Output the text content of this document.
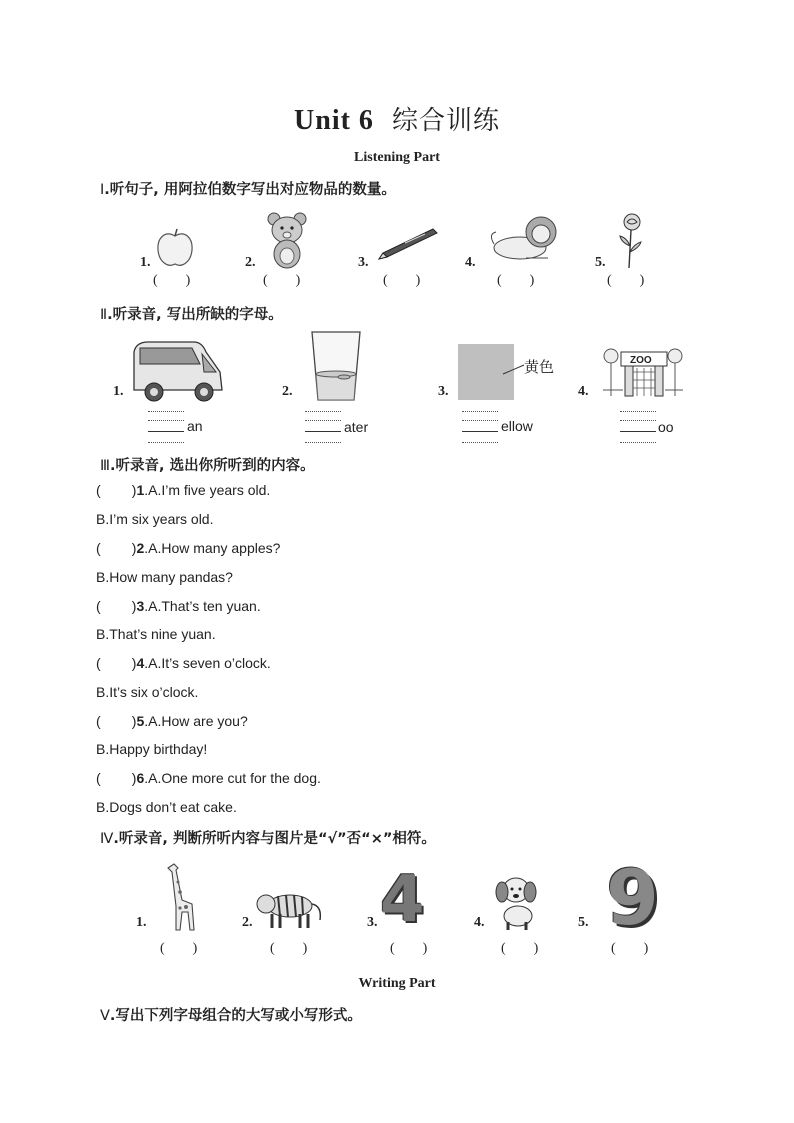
Unit 6 综合训练
Listening Part
Ⅰ.听句子, 用阿拉伯数字写出对应物品的数量。
1.	2.	3.	4.	5.
(        )	(        )	(        )	(        )	(        )
Ⅱ.听录音, 写出所缺的字母。
黄色	ZOO
1.	2.	3.	4.
an	ater	ellow	oo
Ⅲ.听录音, 选出你所听到的内容。
(        )1.A.I’m five years old.
B.I’m six years old.
(        )2.A.How many apples?
B.How many pandas?
(        )3.A.That’s ten yuan.
B.That’s nine yuan.
(        )4.A.It’s seven o’clock.
B.It’s six o’clock.
(        )5.A.How are you?
B.Happy birthday!
(        )6.A.One more cut for the dog.
B.Dogs don’t eat cake.
Ⅳ.听录音, 判断所听内容与图片是“√”否“×”相符。
4 9
1.	2.	3.	4.	5.
(        )	(        )	(        )	(        )	(        )
Writing Part
Ⅴ.写出下列字母组合的大写或小写形式。
